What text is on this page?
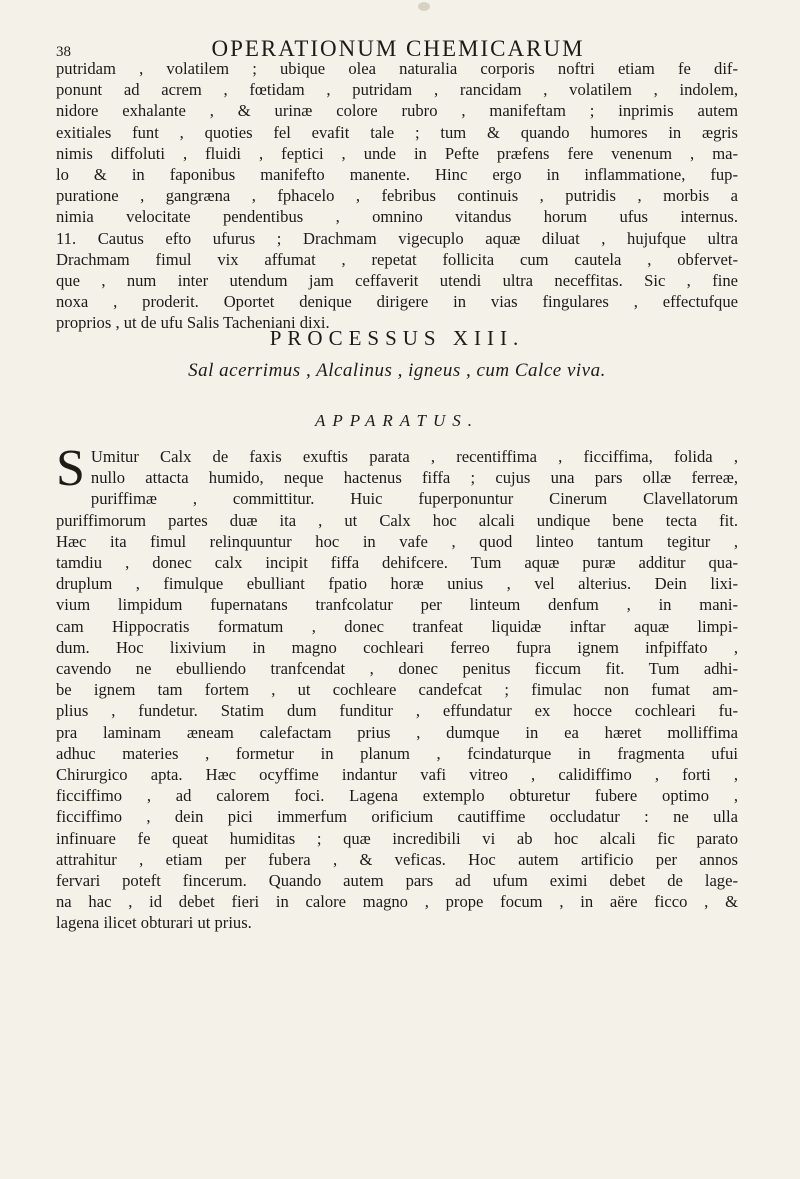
38	OPERATIONUM CHEMICARUM
putridam , volatilem ; ubique olea naturalia corporis noftri etiam fe dif-
ponunt ad acrem , fœtidam , putridam , rancidam , volatilem , indolem,
nidore exhalante , & urinæ colore rubro , manifeftam ; inprimis autem
exitiales funt , quoties fel evafit tale ; tum & quando humores in ægris
nimis diffoluti , fluidi , feptici , unde in Pefte præfens fere venenum , ma-
lo & in faponibus manifefto manente. Hinc ergo in inflammatione, fup-
puratione , gangræna , fphacelo , febribus continuis , putridis , morbis a
nimia velocitate pendentibus , omnino vitandus horum ufus internus.
11. Cautus efto ufurus ; Drachmam vigecuplo aquæ diluat , hujufque ultra
Drachmam fimul vix affumat , repetat follicita cum cautela , obfervet-
que , num inter utendum jam ceffaverit utendi ultra neceffitas. Sic , fine
noxa , proderit. Oportet denique dirigere in vias fingulares , effectufque
proprios , ut de ufu Salis Tacheniani dixi.
PROCESSUS XIII.
Sal acerrimus , Alcalinus , igneus , cum Calce viva.
APPARATUS.
S Umitur Calx de faxis exuftis parata , recentiffima , ficciffima, folida ,
nullo attacta humido, neque hactenus fiffa ; cujus una pars ollæ ferreæ,
puriffimæ , committitur. Huic fuperponuntur Cinerum Clavellatorum
puriffimorum partes duæ ita , ut Calx hoc alcali undique bene tecta fit.
Hæc ita fimul relinquuntur hoc in vafe , quod linteo tantum tegitur ,
tamdiu , donec calx incipit fiffa dehifcere. Tum aquæ puræ additur qua-
druplum , fimulque ebulliant fpatio horæ unius , vel alterius. Dein lixi-
vium limpidum fupernatans tranfcolatur per linteum denfum , in mani-
cam Hippocratis formatum , donec tranfeat liquidæ inftar aquæ limpi-
dum. Hoc lixivium in magno cochleari ferreo fupra ignem infpiffato ,
cavendo ne ebulliendo tranfcendat , donec penitus ficcum fit. Tum adhi-
be ignem tam fortem , ut cochleare candefcat ; fimulac non fumat am-
plius , fundetur. Statim dum funditur , effundatur ex hocce cochleari fu-
pra laminam æneam calefactam prius , dumque in ea hæret molliffima
adhuc materies , formetur in planum , fcindaturque in fragmenta ufui
Chirurgico apta. Hæc ocyffime indantur vafi vitreo , calidiffimo , forti ,
ficciffimo , ad calorem foci. Lagena extemplo obturetur fubere optimo ,
ficciffimo , dein pici immerfum orificium cautiffime occludatur : ne ulla
infinuare fe queat humiditas ; quæ incredibili vi ab hoc alcali fic parato
attrahitur , etiam per fubera , & veficas. Hoc autem artificio per annos
fervari poteft fincerum. Quando autem pars ad ufum eximi debet de lage-
na hac , id debet fieri in calore magno , prope focum , in aëre ficco , &
lagena ilicet obturari ut prius.
